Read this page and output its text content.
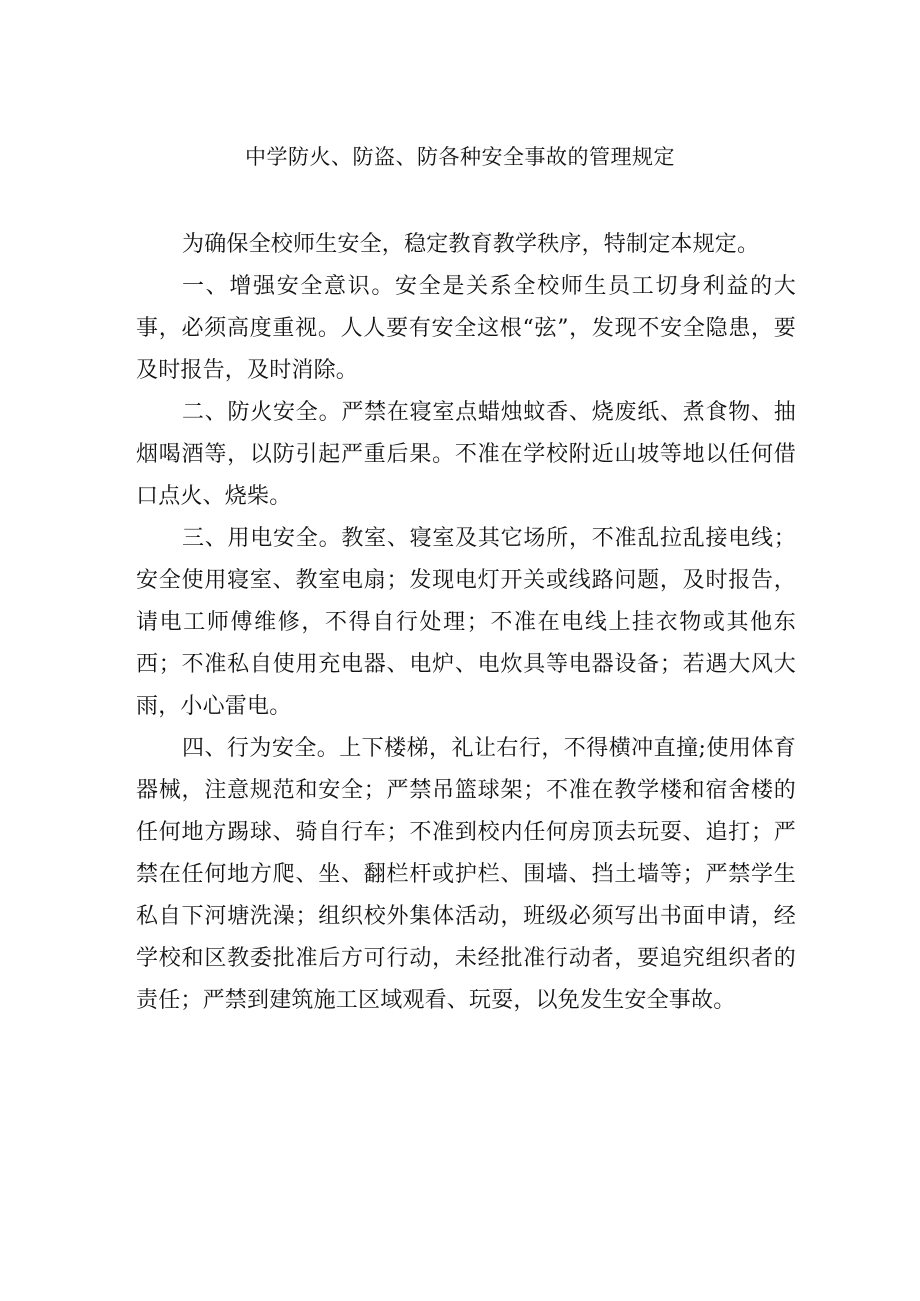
中学防火、防盗、防各种安全事故的管理规定

为确保全校师生安全，稳定教育教学秩序，特制定本规定。

一、增强安全意识。安全是关系全校师生员工切身利益的大事，必须高度重视。人人要有安全这根“弦”，发现不安全隐患，要及时报告，及时消除。

二、防火安全。严禁在寝室点蜡烛蚊香、烧废纸、煮食物、抽烟喝酒等，以防引起严重后果。不准在学校附近山坡等地以任何借口点火、烧柴。

三、用电安全。教室、寝室及其它场所，不准乱拉乱接电线；安全使用寝室、教室电扇；发现电灯开关或线路问题，及时报告，请电工师傅维修，不得自行处理；不准在电线上挂衣物或其他东西；不准私自使用充电器、电炉、电炊具等电器设备；若遇大风大雨，小心雷电。

四、行为安全。上下楼梯，礼让右行，不得横冲直撞;使用体育器械，注意规范和安全；严禁吊篮球架；不准在教学楼和宿舍楼的任何地方踢球、骑自行车；不准到校内任何房顶去玩耍、追打；严禁在任何地方爬、坐、翻栏杆或护栏、围墙、挡土墙等；严禁学生私自下河塘洗澡；组织校外集体活动，班级必须写出书面申请，经学校和区教委批准后方可行动，未经批准行动者，要追究组织者的责任；严禁到建筑施工区域观看、玩耍，以免发生安全事故。
